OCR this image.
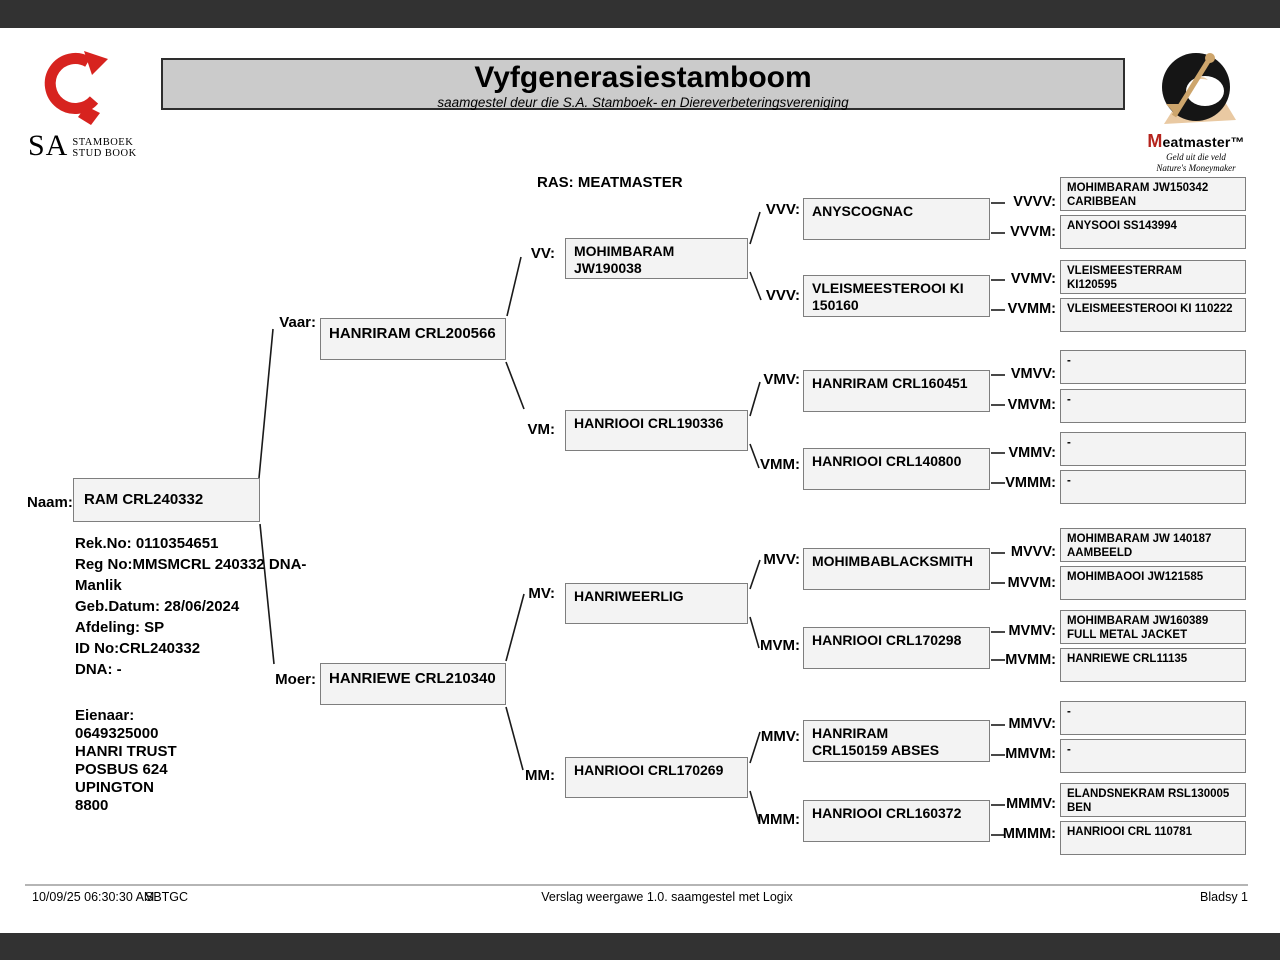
SA STAMBOEK
STUD BOOK
Vyfgenerasiestamboom
saamgestel deur die S.A. Stamboek- en Diereverbeteringsvereniging
Meatmaster™
Geld uit die veld
Nature's Moneymaker
RAS: MEATMASTER
Naam: RAM CRL240332
Rek.No: 0110354651
Reg No:MMSMCRL 240332 DNA-
Manlik
Geb.Datum: 28/06/2024
Afdeling: SP
ID No:CRL240332
DNA: -
Eienaar:
0649325000
HANRI TRUST
POSBUS 624
UPINGTON
8800
Vaar:
HANRIRAM CRL200566
Moer: HANRIEWE CRL210340
VV:	MOHIMBARAM JW190038
VM:	HANRIOOI CRL190336
MV:	HANRIWEERLIG
MM:	HANRIOOI CRL170269
VVV: ANYSCOGNAC
VVV: VLEISMEESTEROOI KI 150160
VMV: HANRIRAM CRL160451
VMM: HANRIOOI CRL140800
MVV: MOHIMBABLACKSMITH
MVM: HANRIOOI CRL170298
MMV: HANRIRAM CRL150159 ABSES
MMM: HANRIOOI CRL160372
VVVV:
MOHIMBARAM JW150342 CARIBBEAN
VVVM: ANYSOOI SS143994
VVMV: VLEISMEESTERRAM KI120595
VVMM: VLEISMEESTEROOI KI 110222
VMVV:
-
VMVM: -
VMMV:
-
VMMM: -
MVVV:
MOHIMBARAM JW 140187 AAMBEELD
MVVM: MOHIMBAOOI JW121585
MVMV:
MOHIMBARAM JW160389 FULL METAL JACKET
MVMM: HANRIEWE CRL11135
MMVV:
-
MMVM: -
MMMV:
ELANDSNEKRAM RSL130005 BEN
MMMM: HANRIOOI CRL 110781
10/09/25 06:30:30 AM
SBTGC	Verslag weergawe 1.0. saamgestel met Logix	Bladsy 1
